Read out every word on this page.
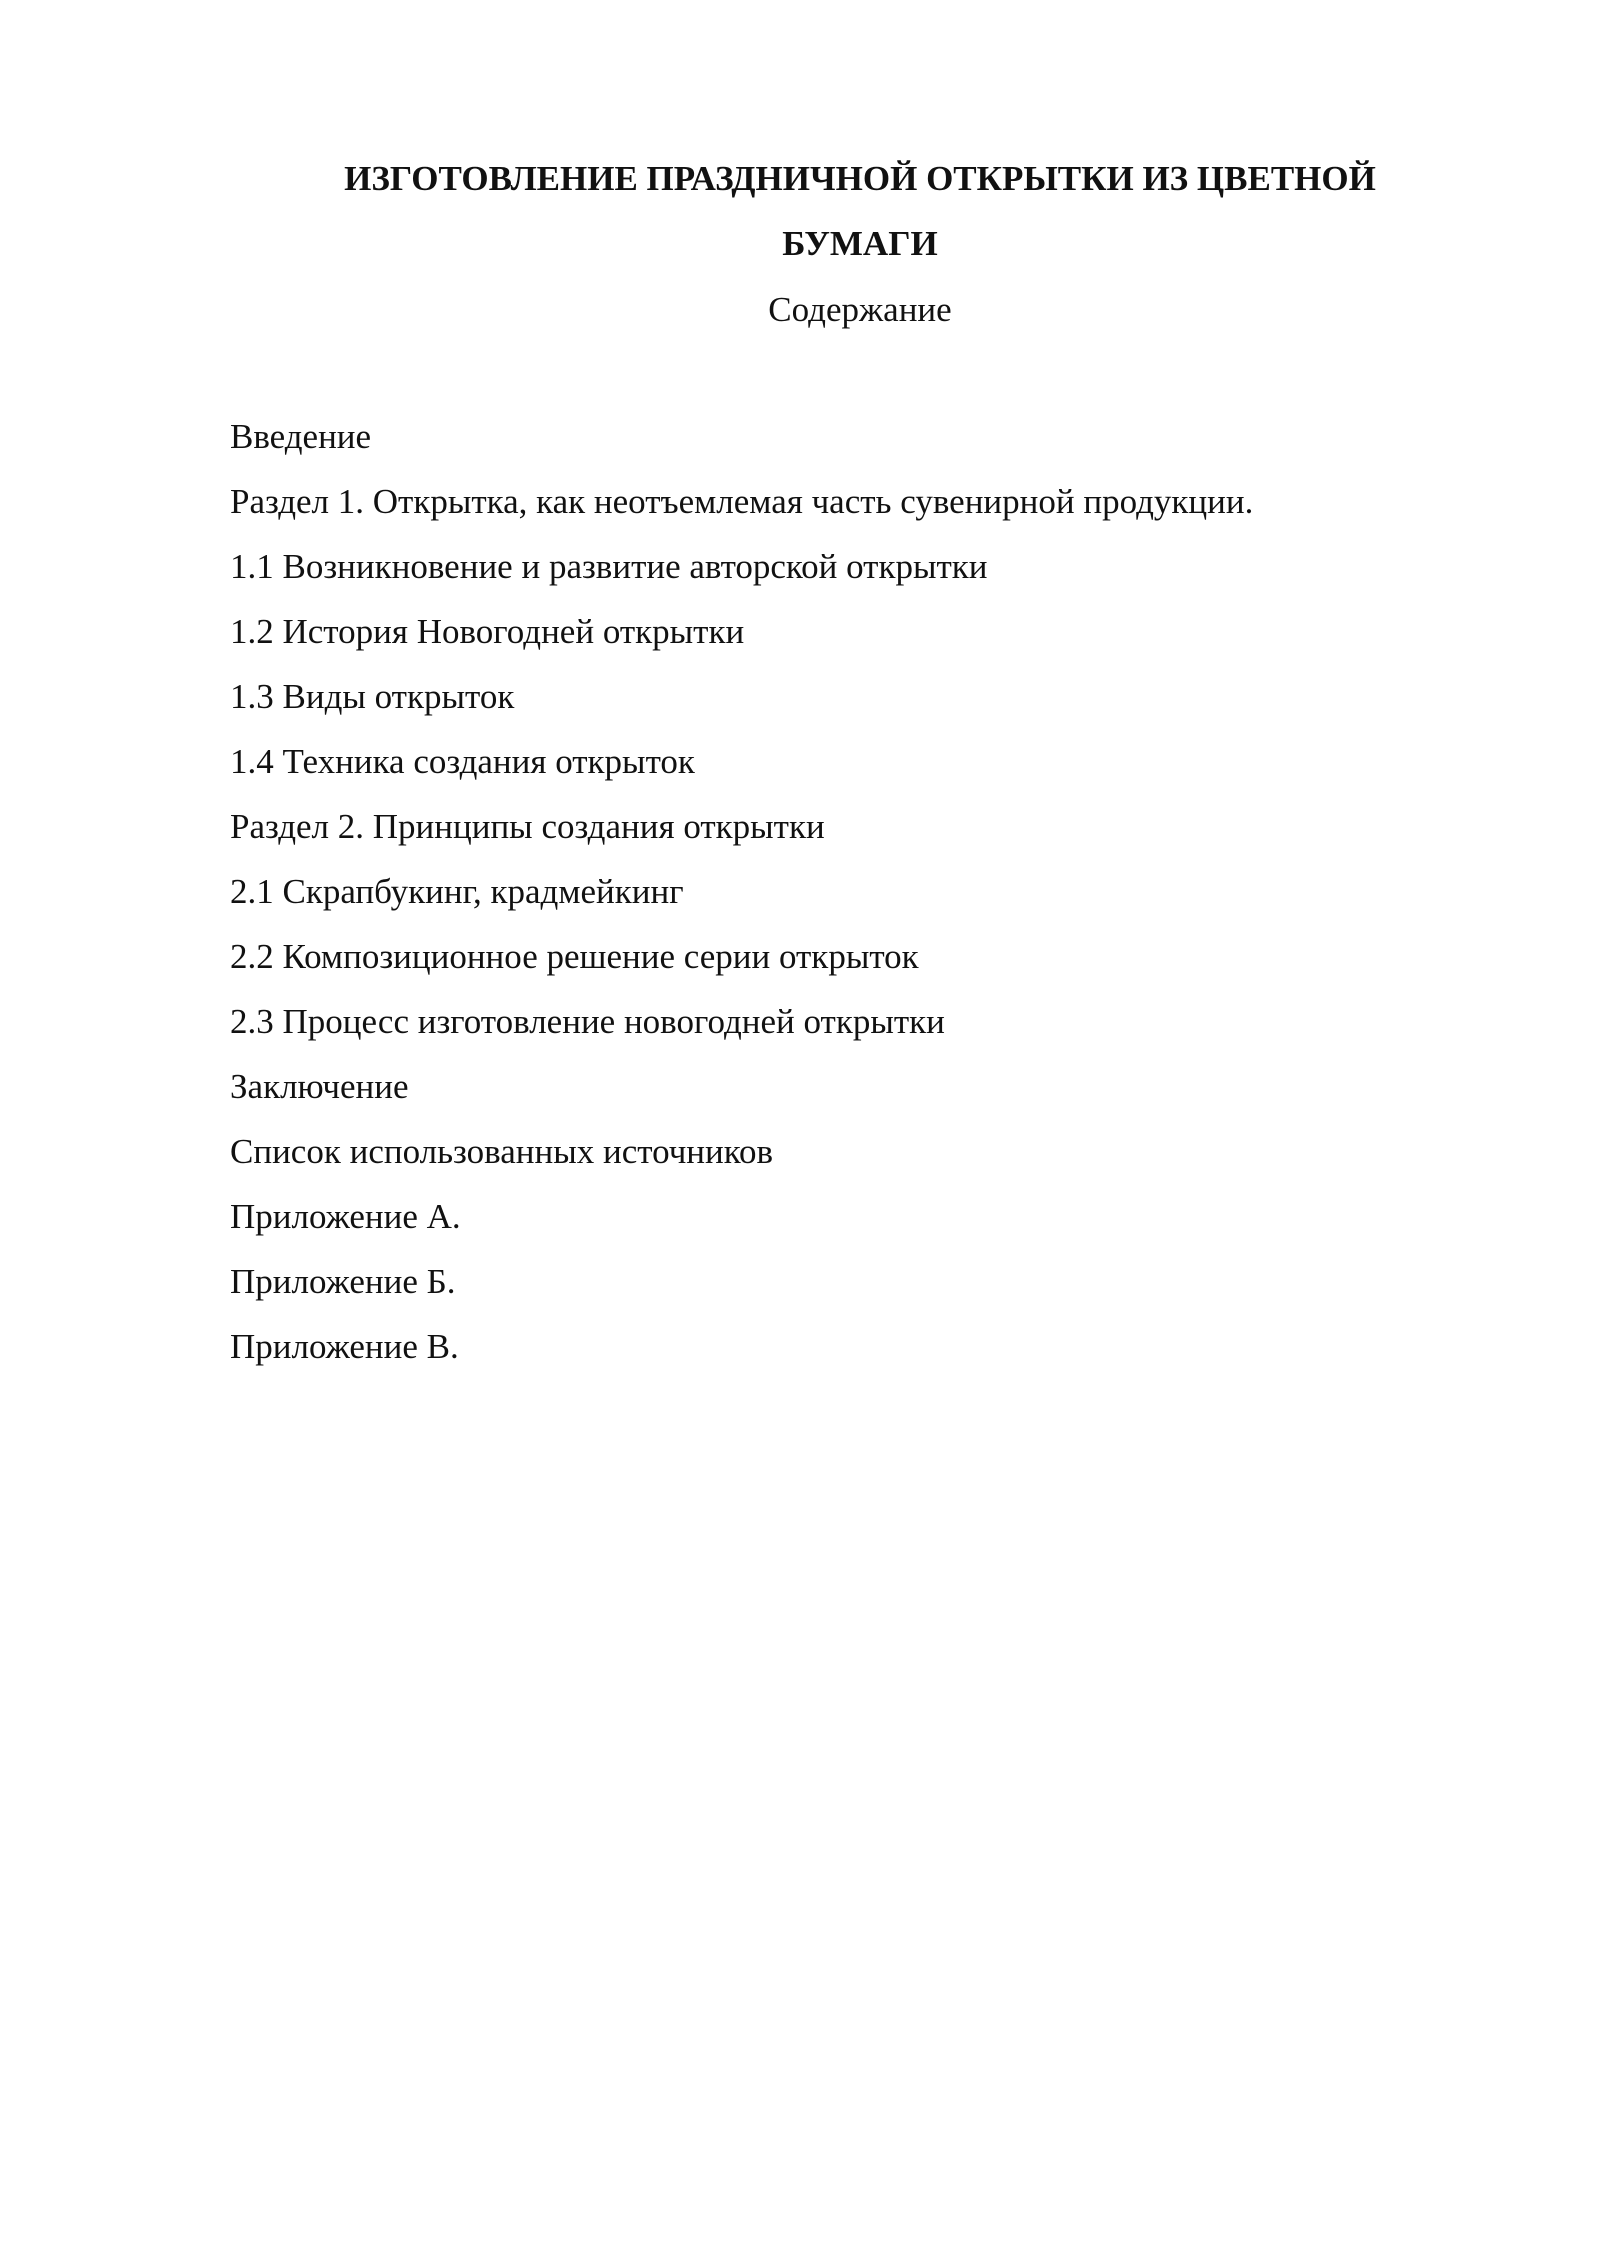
ИЗГОТОВЛЕНИЕ ПРАЗДНИЧНОЙ ОТКРЫТКИ ИЗ ЦВЕТНОЙ
БУМАГИ
Содержание
Введение
Раздел 1. Открытка, как неотъемлемая часть сувенирной продукции.
1.1 Возникновение и развитие авторской открытки
1.2 История Новогодней открытки
1.3 Виды открыток
1.4 Техника создания открыток
Раздел 2. Принципы создания открытки
2.1 Скрапбукинг, крадмейкинг
2.2 Композиционное решение серии открыток
2.3 Процесс изготовление новогодней открытки
Заключение
Список использованных источников
Приложение А.
Приложение Б.
Приложение В.
